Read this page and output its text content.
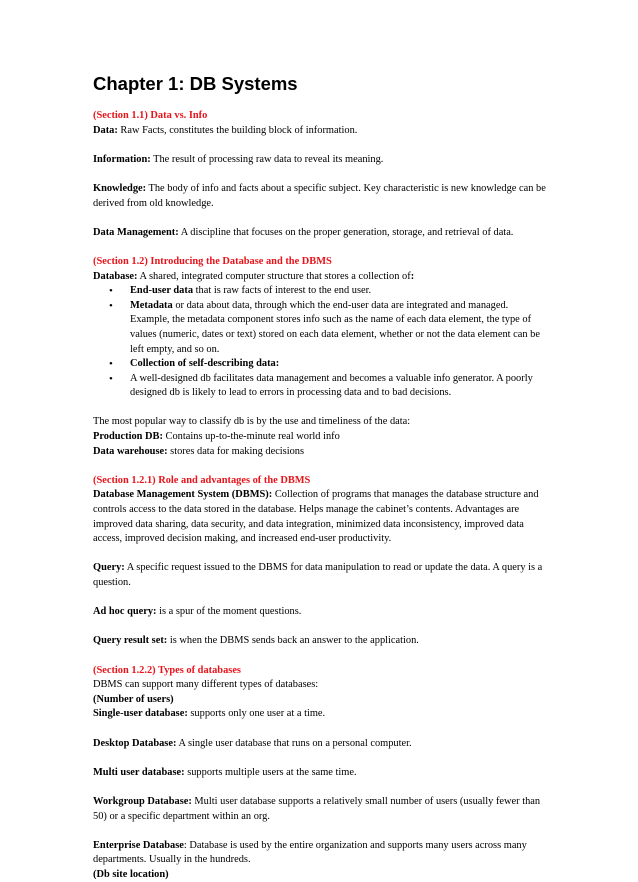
Chapter 1: DB Systems

(Section 1.1) Data vs. Info

Data: Raw Facts, constitutes the building block of information.

Information: The result of processing raw data to reveal its meaning.

Knowledge: The body of info and facts about a specific subject. Key characteristic is new knowledge can be derived from old knowledge.

Data Management: A discipline that focuses on the proper generation, storage, and retrieval of data.

(Section 1.2) Introducing the Database and the DBMS

Database: A shared, integrated computer structure that stores a collection of:

• End-user data that is raw facts of interest to the end user.
• Metadata or data about data, through which the end-user data are integrated and managed. Example, the metadata component stores info such as the name of each data element, the type of values (numeric, dates or text) stored on each data element, whether or not the data element can be left empty, and so on.
• Collection of self-describing data:
• A well-designed db facilitates data management and becomes a valuable info generator. A poorly designed db is likely to lead to errors in processing data and to bad decisions.

The most popular way to classify db is by the use and timeliness of the data:

Production DB: Contains up-to-the-minute real world info

Data warehouse: stores data for making decisions

(Section 1.2.1) Role and advantages of the DBMS

Database Management System (DBMS): Collection of programs that manages the database structure and controls access to the data stored in the database. Helps manage the cabinet’s contents. Advantages are improved data sharing, data security, and data integration, minimized data inconsistency, improved data access, improved decision making, and increased end-user productivity.

Query: A specific request issued to the DBMS for data manipulation to read or update the data. A query is a question.

Ad hoc query: is a spur of the moment questions.

Query result set: is when the DBMS sends back an answer to the application.

(Section 1.2.2) Types of databases

DBMS can support many different types of databases:

(Number of users)

Single-user database: supports only one user at a time.

Desktop Database: A single user database that runs on a personal computer.

Multi user database: supports multiple users at the same time.

Workgroup Database: Multi user database supports a relatively small number of users (usually fewer than 50) or a specific department within an org.

Enterprise Database: Database is used by the entire organization and supports many users across many departments. Usually in the hundreds.

(Db site location)
